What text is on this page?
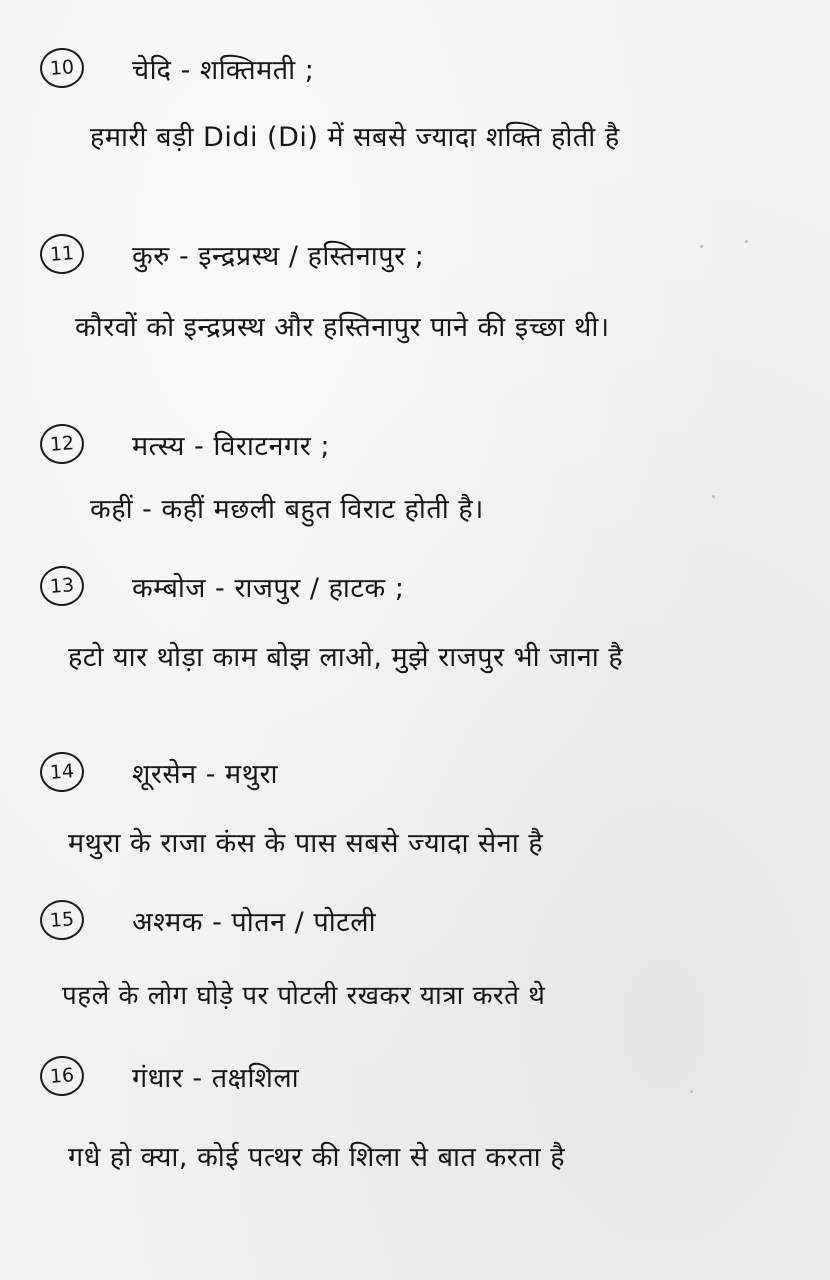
10	चेदि - शक्तिमती ;
हमारी बड़ी Didi (Di) में सबसे ज्यादा शक्ति होती है
11	कुरु - इन्द्रप्रस्थ / हस्तिनापुर ;
कौरवों को इन्द्रप्रस्थ और हस्तिनापुर पाने की इच्छा थी।
12	मत्स्य - विराटनगर ;
कहीं - कहीं मछली बहुत विराट होती है।
13	कम्बोज - राजपुर / हाटक ;
हटो यार थोड़ा काम बोझ लाओ, मुझे राजपुर भी जाना है
14	शूरसेन - मथुरा
मथुरा के राजा कंस के पास सबसे ज्यादा सेना है
15	अश्मक - पोतन / पोटली
पहले के लोग घोड़े पर पोटली रखकर यात्रा करते थे
16	गंधार - तक्षशिला
गधे हो क्या, कोई पत्थर की शिला से बात करता है
